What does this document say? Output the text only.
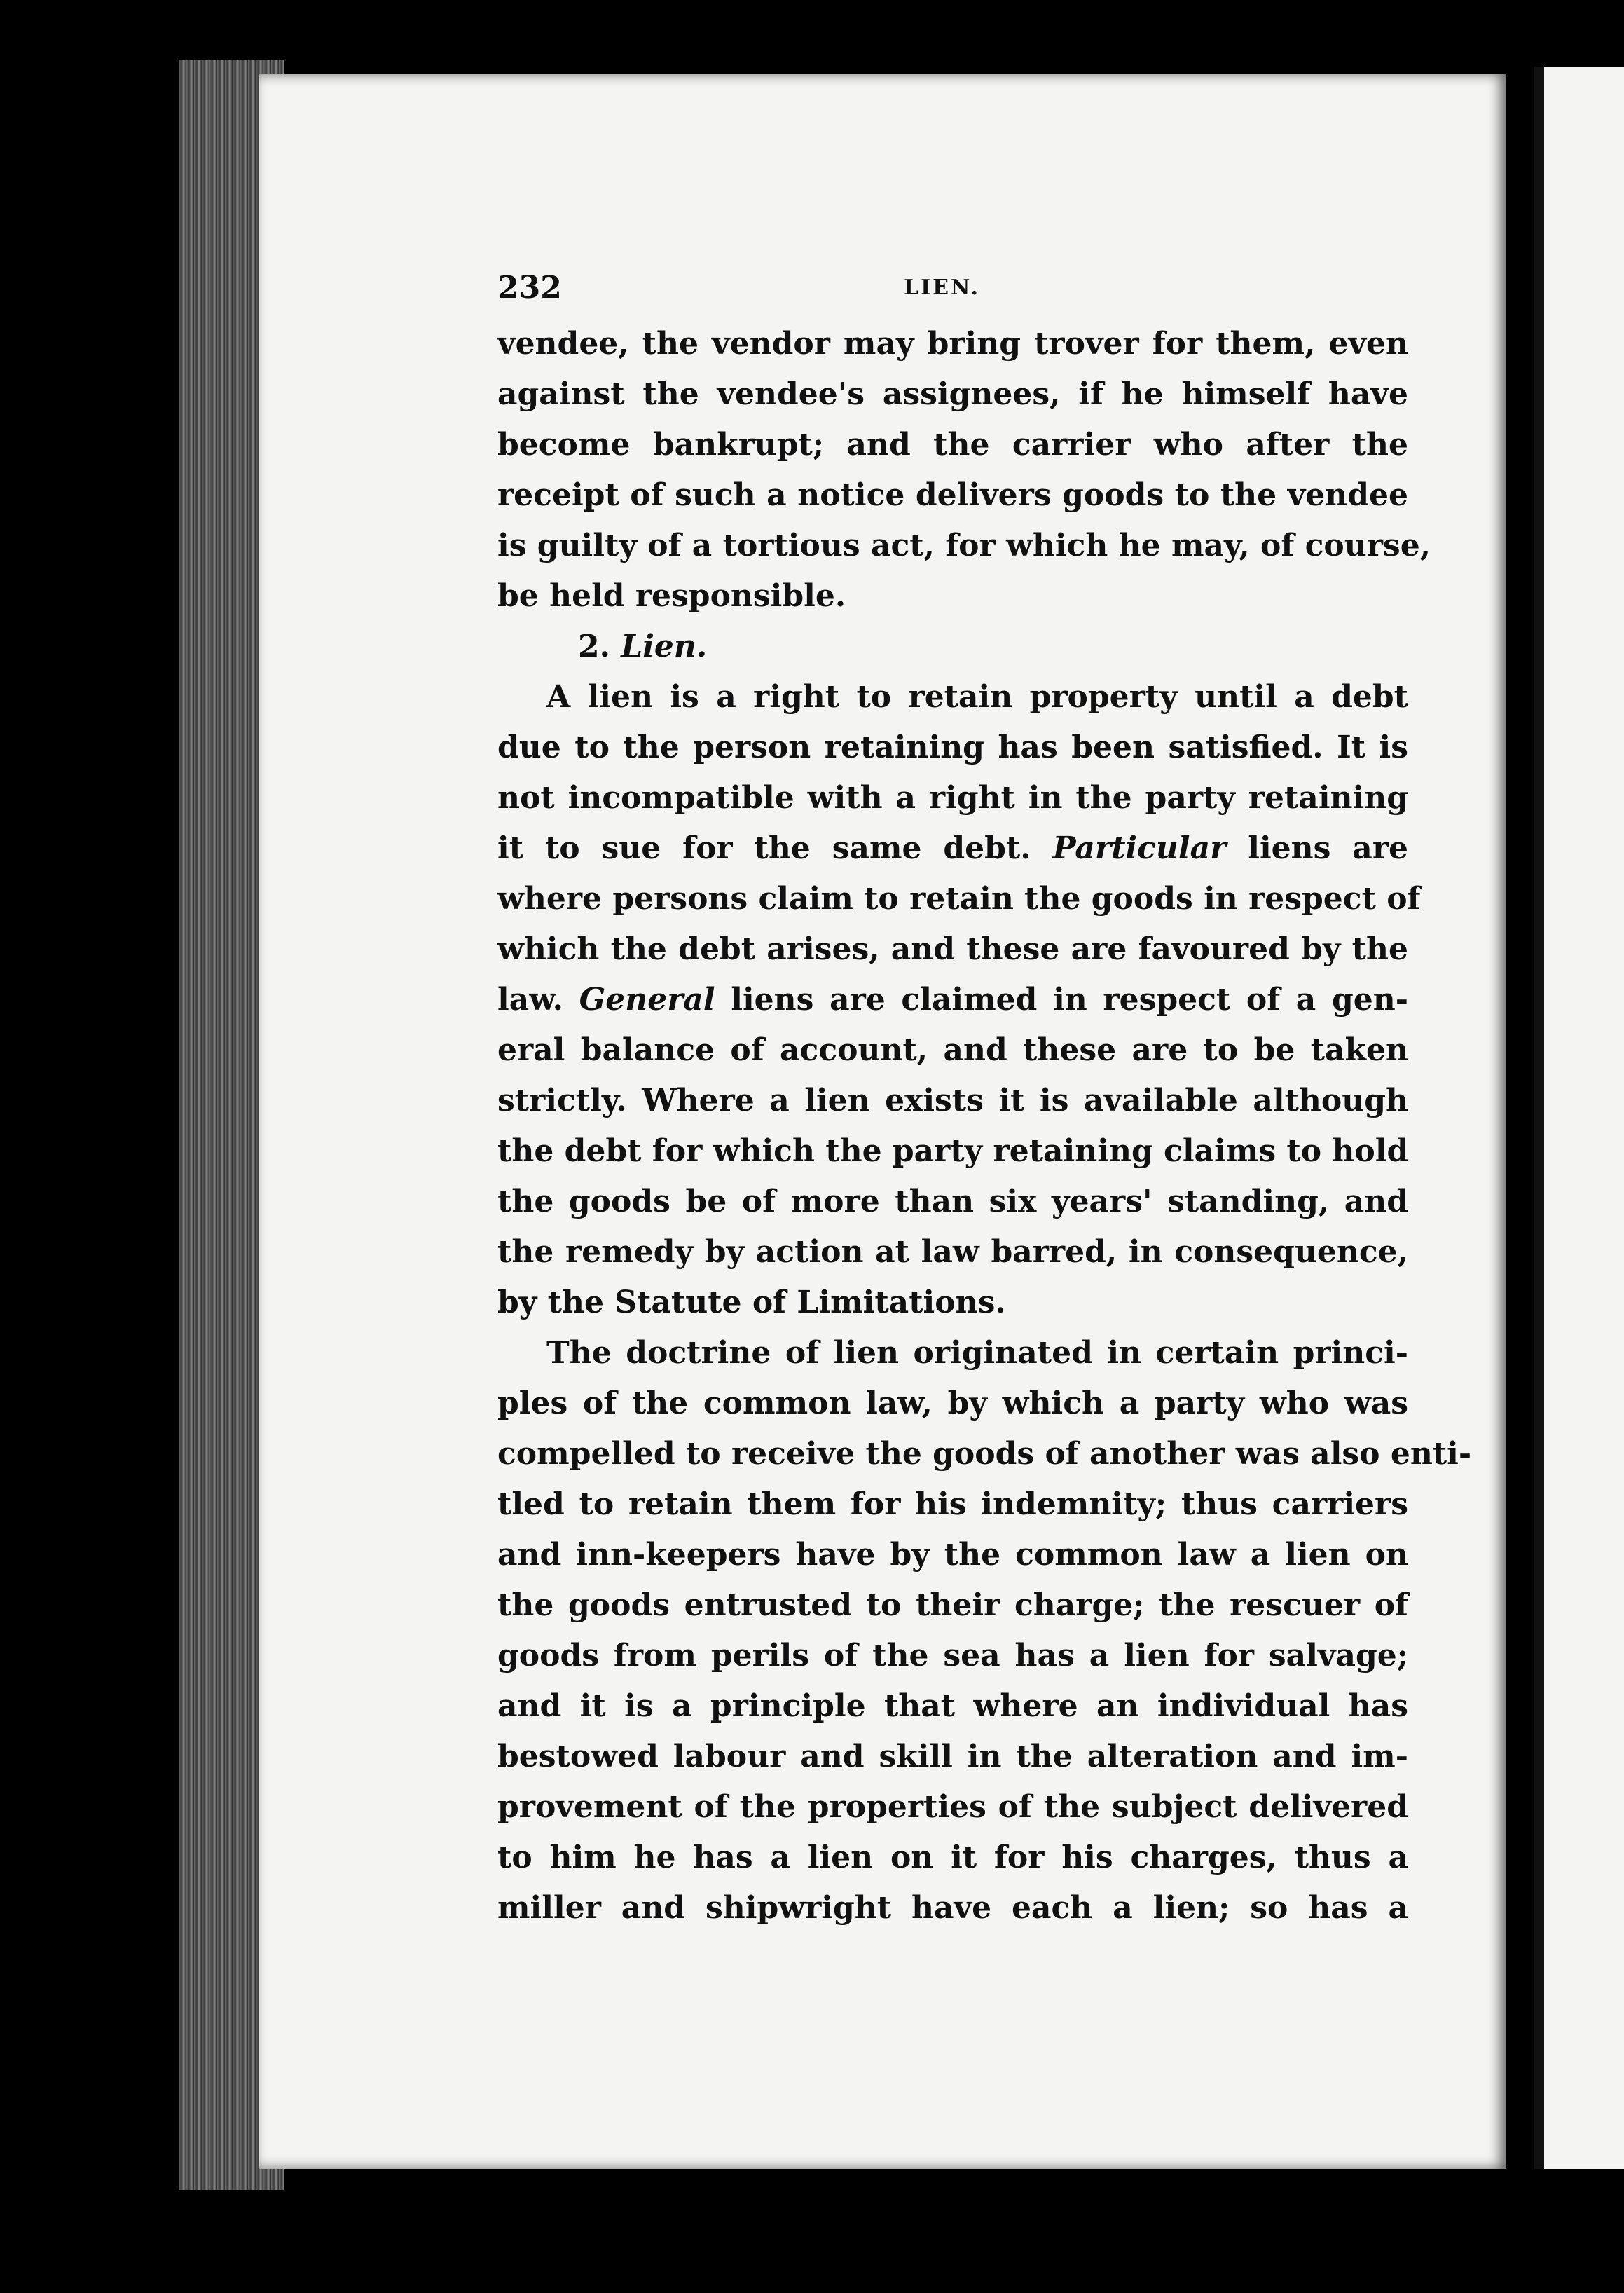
232	LIEN.

vendee, the vendor may bring trover for them, even
against the vendee's assignees, if he himself have
become bankrupt; and the carrier who after the
receipt of such a notice delivers goods to the vendee
is guilty of a tortious act, for which he may, of course,
be held responsible.

2. Lien.

A lien is a right to retain property until a debt
due to the person retaining has been satisfied. It is
not incompatible with a right in the party retaining
it to sue for the same debt. Particular liens are
where persons claim to retain the goods in respect of
which the debt arises, and these are favoured by the
law. General liens are claimed in respect of a gen-
eral balance of account, and these are to be taken
strictly. Where a lien exists it is available although
the debt for which the party retaining claims to hold
the goods be of more than six years' standing, and
the remedy by action at law barred, in consequence,
by the Statute of Limitations.

The doctrine of lien originated in certain princi-
ples of the common law, by which a party who was
compelled to receive the goods of another was also enti-
tled to retain them for his indemnity; thus carriers
and inn-keepers have by the common law a lien on
the goods entrusted to their charge; the rescuer of
goods from perils of the sea has a lien for salvage;
and it is a principle that where an individual has
bestowed labour and skill in the alteration and im-
provement of the properties of the subject delivered
to him he has a lien on it for his charges, thus a
miller and shipwright have each a lien; so has a
